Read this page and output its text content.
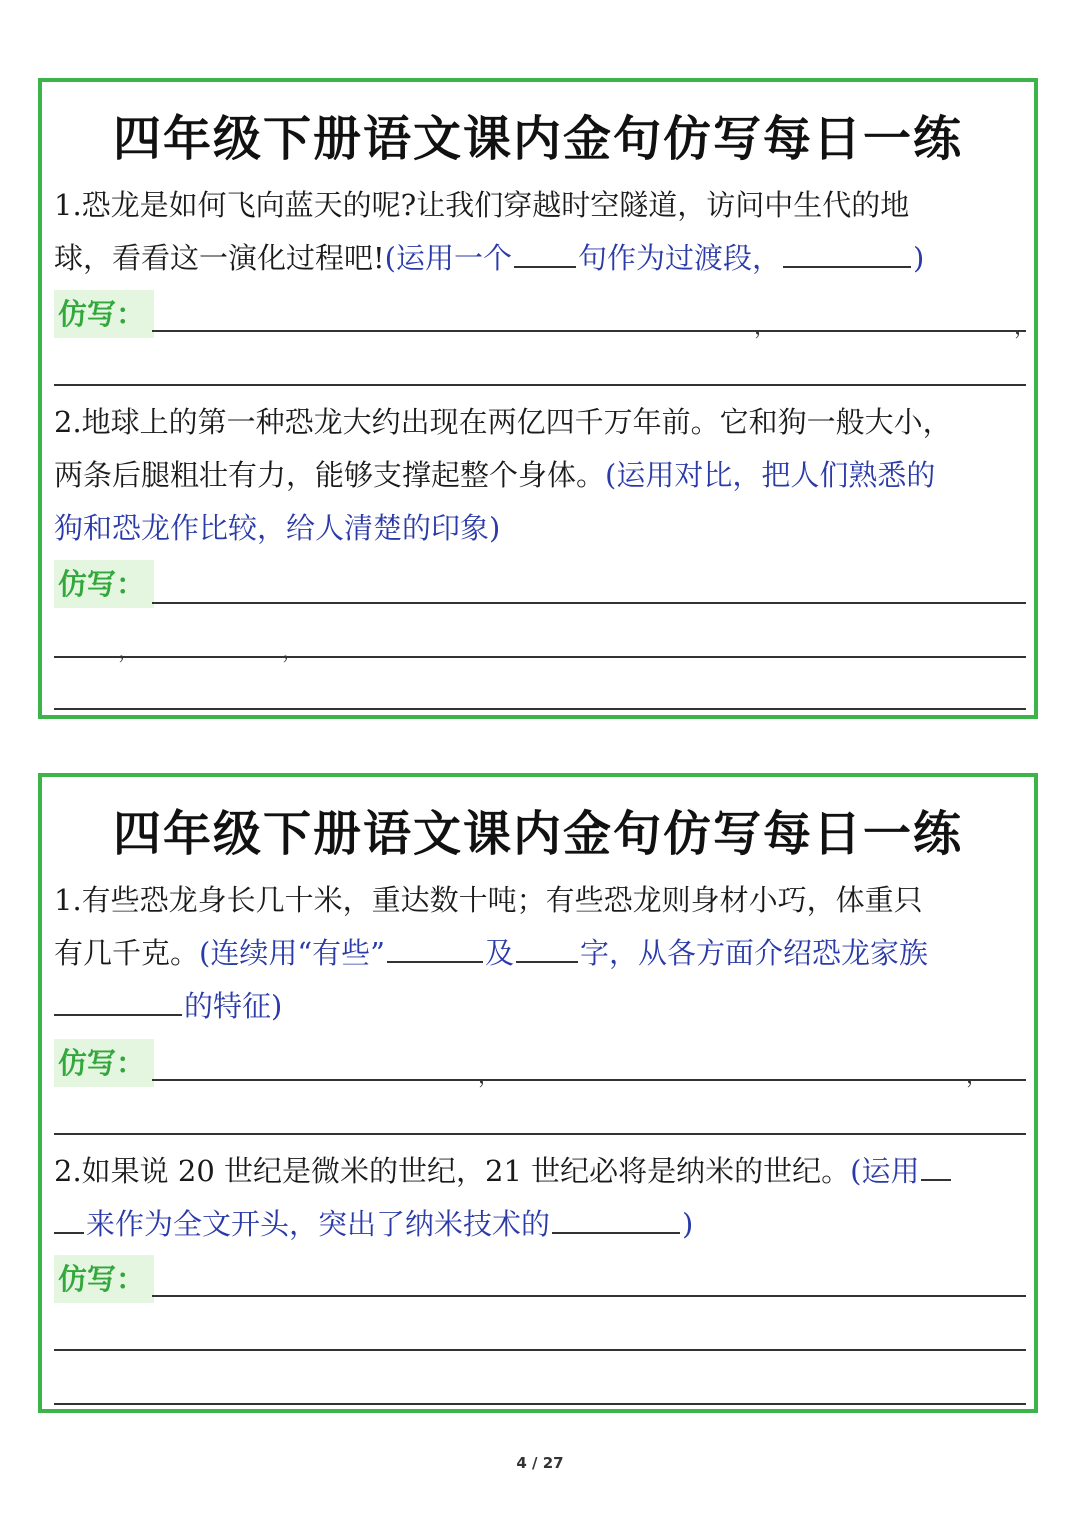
四年级下册语文课内金句仿写每日一练
1.恐龙是如何飞向蓝天的呢?让我们穿越时空隧道，访问中生代的地
球，看看这一演化过程吧!(运用一个 句作为过渡段，	)
仿写：	，	，
2.地球上的第一种恐龙大约出现在两亿四千万年前。它和狗一般大小，
两条后腿粗壮有力，能够支撑起整个身体。(运用对比，把人们熟悉的
狗和恐龙作比较，给人清楚的印象)
仿写：
，	，
四年级下册语文课内金句仿写每日一练
1.有些恐龙身长几十米，重达数十吨；有些恐龙则身材小巧，体重只
有几千克。(连续用“有些”	及 字，从各方面介绍恐龙家族
的特征)
仿写：	，	，
2.如果说 20 世纪是微米的世纪，21 世纪必将是纳米的世纪。(运用
来作为全文开头，突出了纳米技术的	)
仿写：
4 / 27
